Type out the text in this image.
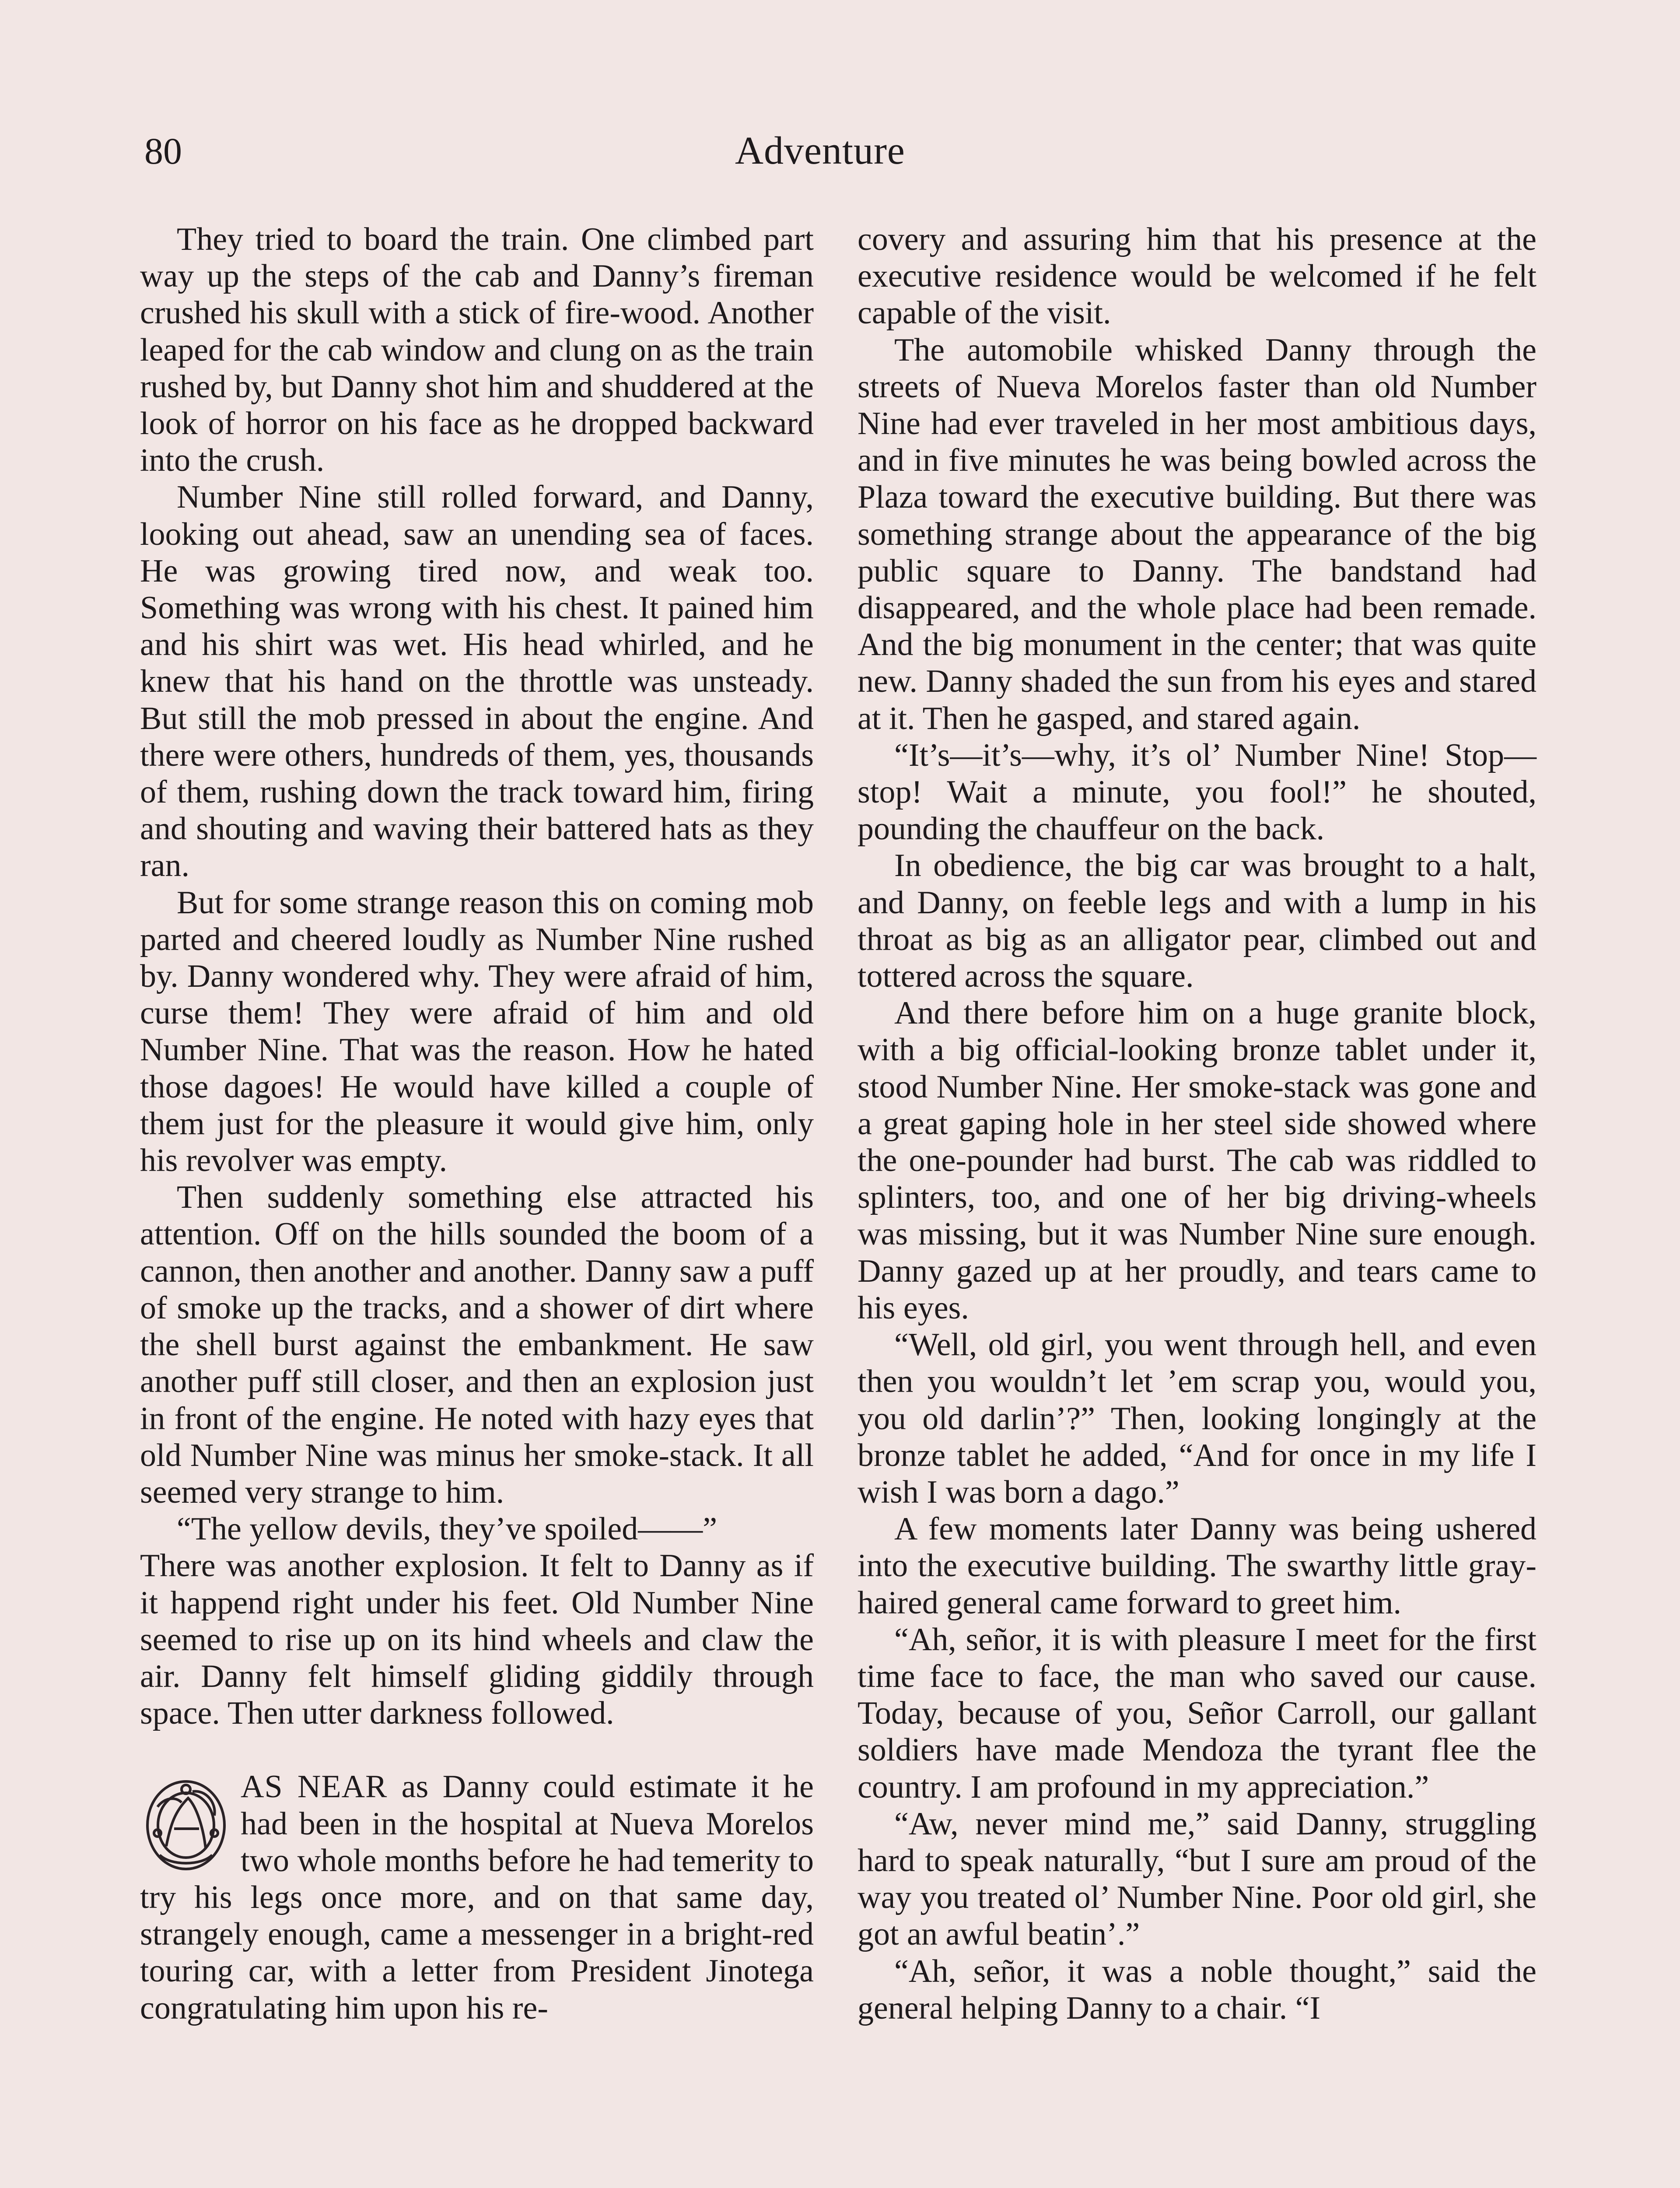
80	Adventure

They tried to board the train. One climbed part way up the steps of the cab and Danny’s fireman crushed his skull with a stick of fire-wood. Another leaped for the cab window and clung on as the train rushed by, but Danny shot him and shuddered at the look of horror on his face as he dropped backward into the crush.

Number Nine still rolled forward, and Danny, looking out ahead, saw an unending sea of faces. He was growing tired now, and weak too. Something was wrong with his chest. It pained him and his shirt was wet. His head whirled, and he knew that his hand on the throttle was unsteady. But still the mob pressed in about the engine. And there were others, hundreds of them, yes, thousands of them, rushing down the track toward him, firing and shouting and waving their battered hats as they ran.

But for some strange reason this on coming mob parted and cheered loudly as Number Nine rushed by. Danny wondered why. They were afraid of him, curse them! They were afraid of him and old Number Nine. That was the reason. How he hated those dagoes! He would have killed a couple of them just for the pleasure it would give him, only his revolver was empty.

Then suddenly something else attracted his attention. Off on the hills sounded the boom of a cannon, then another and another. Danny saw a puff of smoke up the tracks, and a shower of dirt where the shell burst against the embankment. He saw another puff still closer, and then an explosion just in front of the engine. He noted with hazy eyes that old Number Nine was minus her smoke-stack. It all seemed very strange to him.

“The yellow devils, they’ve spoiled——”

There was another explosion. It felt to Danny as if it happend right under his feet. Old Number Nine seemed to rise up on its hind wheels and claw the air. Danny felt himself gliding giddily through space. Then utter darkness followed.

AS NEAR as Danny could estimate it he had been in the hospital at Nueva Morelos two whole months before he had temerity to try his legs once more, and on that same day, strangely enough, came a messenger in a bright-red touring car, with a letter from President Jinotega congratulating him upon his re-

covery and assuring him that his presence at the executive residence would be welcomed if he felt capable of the visit.

The automobile whisked Danny through the streets of Nueva Morelos faster than old Number Nine had ever traveled in her most ambitious days, and in five minutes he was being bowled across the Plaza toward the executive building. But there was something strange about the appearance of the big public square to Danny. The bandstand had disappeared, and the whole place had been remade. And the big monument in the center; that was quite new. Danny shaded the sun from his eyes and stared at it. Then he gasped, and stared again.

“It’s—it’s—why, it’s ol’ Number Nine! Stop—stop! Wait a minute, you fool!” he shouted, pounding the chauffeur on the back.

In obedience, the big car was brought to a halt, and Danny, on feeble legs and with a lump in his throat as big as an alligator pear, climbed out and tottered across the square.

And there before him on a huge granite block, with a big official-looking bronze tablet under it, stood Number Nine. Her smoke-stack was gone and a great gaping hole in her steel side showed where the one-pounder had burst. The cab was riddled to splinters, too, and one of her big driving-wheels was missing, but it was Number Nine sure enough. Danny gazed up at her proudly, and tears came to his eyes.

“Well, old girl, you went through hell, and even then you wouldn’t let ’em scrap you, would you, you old darlin’?” Then, looking longingly at the bronze tablet he added, “And for once in my life I wish I was born a dago.”

A few moments later Danny was being ushered into the executive building. The swarthy little gray-haired general came forward to greet him.

“Ah, señor, it is with pleasure I meet for the first time face to face, the man who saved our cause. Today, because of you, Señor Carroll, our gallant soldiers have made Mendoza the tyrant flee the country. I am profound in my appreciation.”

“Aw, never mind me,” said Danny, struggling hard to speak naturally, “but I sure am proud of the way you treated ol’ Number Nine. Poor old girl, she got an awful beatin’.”

“Ah, señor, it was a noble thought,” said the general helping Danny to a chair. “I
